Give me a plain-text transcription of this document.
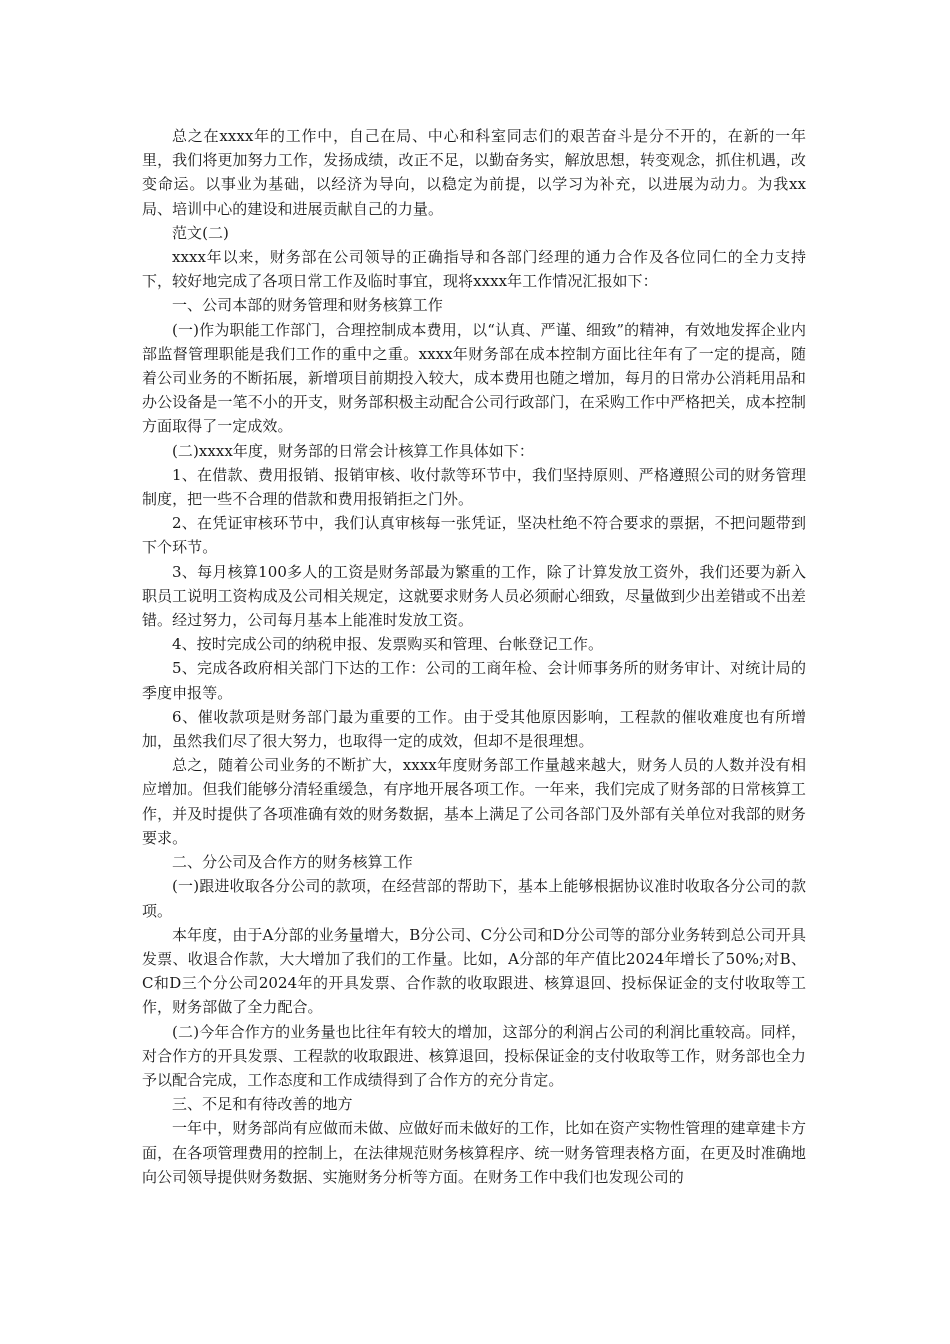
总之在xxxx年的工作中，自己在局、中心和科室同志们的艰苦奋斗是分不开的，在新的一年里，我们将更加努力工作，发扬成绩，改正不足，以勤奋务实，解放思想，转变观念，抓住机遇，改变命运。以事业为基础，以经济为导向，以稳定为前提，以学习为补充，以进展为动力。为我xx局、培训中心的建设和进展贡献自己的力量。

范文(二)

xxxx年以来，财务部在公司领导的正确指导和各部门经理的通力合作及各位同仁的全力支持下，较好地完成了各项日常工作及临时事宜，现将xxxx年工作情况汇报如下：

一、公司本部的财务管理和财务核算工作

(一)作为职能工作部门，合理控制成本费用，以“认真、严谨、细致”的精神，有效地发挥企业内部监督管理职能是我们工作的重中之重。xxxx年财务部在成本控制方面比往年有了一定的提高，随着公司业务的不断拓展，新增项目前期投入较大，成本费用也随之增加，每月的日常办公消耗用品和办公设备是一笔不小的开支，财务部积极主动配合公司行政部门，在采购工作中严格把关，成本控制方面取得了一定成效。

(二)xxxx年度，财务部的日常会计核算工作具体如下：

1、在借款、费用报销、报销审核、收付款等环节中，我们坚持原则、严格遵照公司的财务管理制度，把一些不合理的借款和费用报销拒之门外。

2、在凭证审核环节中，我们认真审核每一张凭证，坚决杜绝不符合要求的票据，不把问题带到下个环节。

3、每月核算100多人的工资是财务部最为繁重的工作，除了计算发放工资外，我们还要为新入职员工说明工资构成及公司相关规定，这就要求财务人员必须耐心细致，尽量做到少出差错或不出差错。经过努力，公司每月基本上能准时发放工资。

4、按时完成公司的纳税申报、发票购买和管理、台帐登记工作。

5、完成各政府相关部门下达的工作：公司的工商年检、会计师事务所的财务审计、对统计局的季度申报等。

6、催收款项是财务部门最为重要的工作。由于受其他原因影响，工程款的催收难度也有所增加，虽然我们尽了很大努力，也取得一定的成效，但却不是很理想。

总之，随着公司业务的不断扩大，xxxx年度财务部工作量越来越大，财务人员的人数并没有相应增加。但我们能够分清轻重缓急，有序地开展各项工作。一年来，我们完成了财务部的日常核算工作，并及时提供了各项准确有效的财务数据，基本上满足了公司各部门及外部有关单位对我部的财务要求。

二、分公司及合作方的财务核算工作

(一)跟进收取各分公司的款项，在经营部的帮助下，基本上能够根据协议准时收取各分公司的款项。

本年度，由于A分部的业务量增大，B分公司、C分公司和D分公司等的部分业务转到总公司开具发票、收退合作款，大大增加了我们的工作量。比如，A分部的年产值比2024年增长了50%;对B、C和D三个分公司2024年的开具发票、合作款的收取跟进、核算退回、投标保证金的支付收取等工作，财务部做了全力配合。

(二)今年合作方的业务量也比往年有较大的增加，这部分的利润占公司的利润比重较高。同样，对合作方的开具发票、工程款的收取跟进、核算退回，投标保证金的支付收取等工作，财务部也全力予以配合完成，工作态度和工作成绩得到了合作方的充分肯定。

三、不足和有待改善的地方

一年中，财务部尚有应做而未做、应做好而未做好的工作，比如在资产实物性管理的建章建卡方面，在各项管理费用的控制上，在法律规范财务核算程序、统一财务管理表格方面，在更及时准确地向公司领导提供财务数据、实施财务分析等方面。在财务工作中我们也发现公司的
